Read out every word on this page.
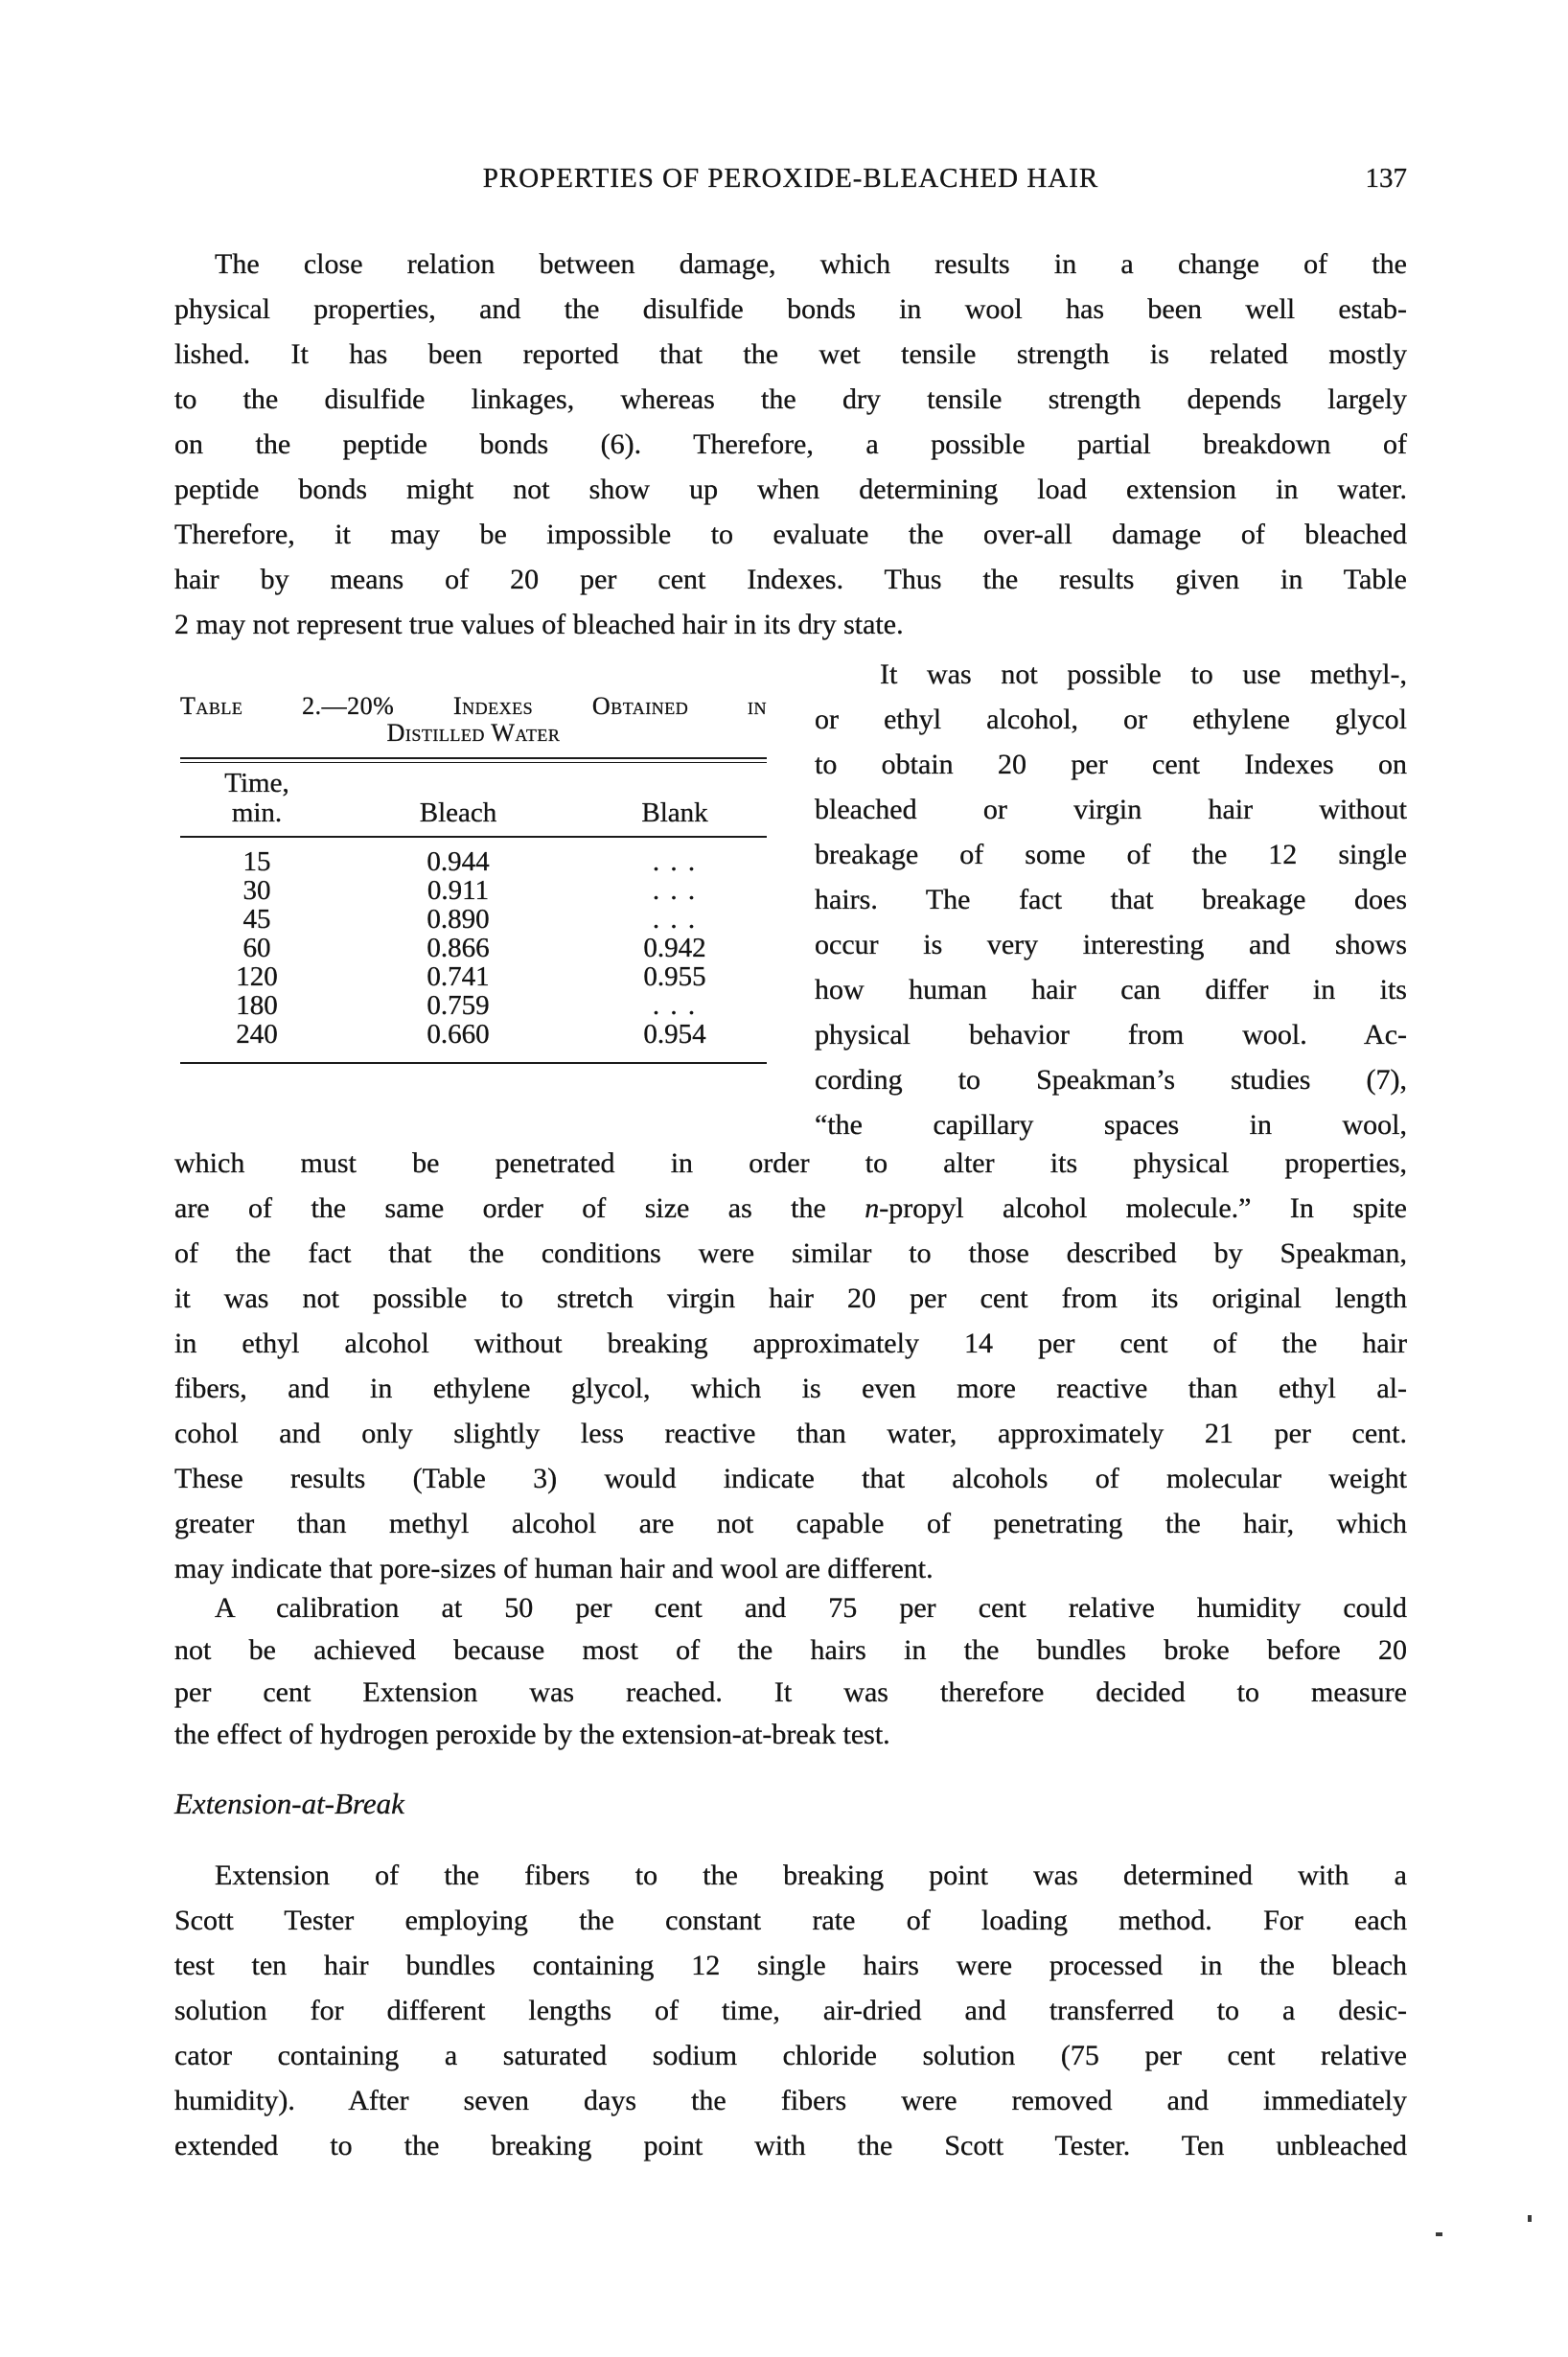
PROPERTIES OF PEROXIDE-BLEACHED HAIR	137
The close relation between damage, which results in a change of the
physical properties, and the disulfide bonds in wool has been well estab-
lished. It has been reported that the wet tensile strength is related mostly
to the disulfide linkages, whereas the dry tensile strength depends largely
on the peptide bonds (6). Therefore, a possible partial breakdown of
peptide bonds might not show up when determining load extension in water.
Therefore, it may be impossible to evaluate the over-all damage of bleached
hair by means of 20 per cent Indexes. Thus the results given in Table
2 may not represent true values of bleached hair in its dry state.
Table 2.—20% Indexes Obtained in
Distilled Water
Time,
min.	Bleach	Blank
15	0.944	. . .
30	0.911	. . .
45	0.890	. . .
60	0.866	0.942
120	0.741	0.955
180	0.759	. . .
240	0.660	0.954
It was not possible to use methyl-,
or ethyl alcohol, or ethylene glycol
to obtain 20 per cent Indexes on
bleached or virgin hair without
breakage of some of the 12 single
hairs. The fact that breakage does
occur is very interesting and shows
how human hair can differ in its
physical behavior from wool. Ac-
cording to Speakman’s studies (7),
“the capillary spaces in wool,
which must be penetrated in order to alter its physical properties,
are of the same order of size as the n-propyl alcohol molecule.” In spite
of the fact that the conditions were similar to those described by Speakman,
it was not possible to stretch virgin hair 20 per cent from its original length
in ethyl alcohol without breaking approximately 14 per cent of the hair
fibers, and in ethylene glycol, which is even more reactive than ethyl al-
cohol and only slightly less reactive than water, approximately 21 per cent.
These results (Table 3) would indicate that alcohols of molecular weight
greater than methyl alcohol are not capable of penetrating the hair, which
may indicate that pore-sizes of human hair and wool are different.
A calibration at 50 per cent and 75 per cent relative humidity could
not be achieved because most of the hairs in the bundles broke before 20
per cent Extension was reached. It was therefore decided to measure
the effect of hydrogen peroxide by the extension-at-break test.
Extension-at-Break
Extension of the fibers to the breaking point was determined with a
Scott Tester employing the constant rate of loading method. For each
test ten hair bundles containing 12 single hairs were processed in the bleach
solution for different lengths of time, air-dried and transferred to a desic-
cator containing a saturated sodium chloride solution (75 per cent relative
humidity). After seven days the fibers were removed and immediately
extended to the breaking point with the Scott Tester. Ten unbleached
